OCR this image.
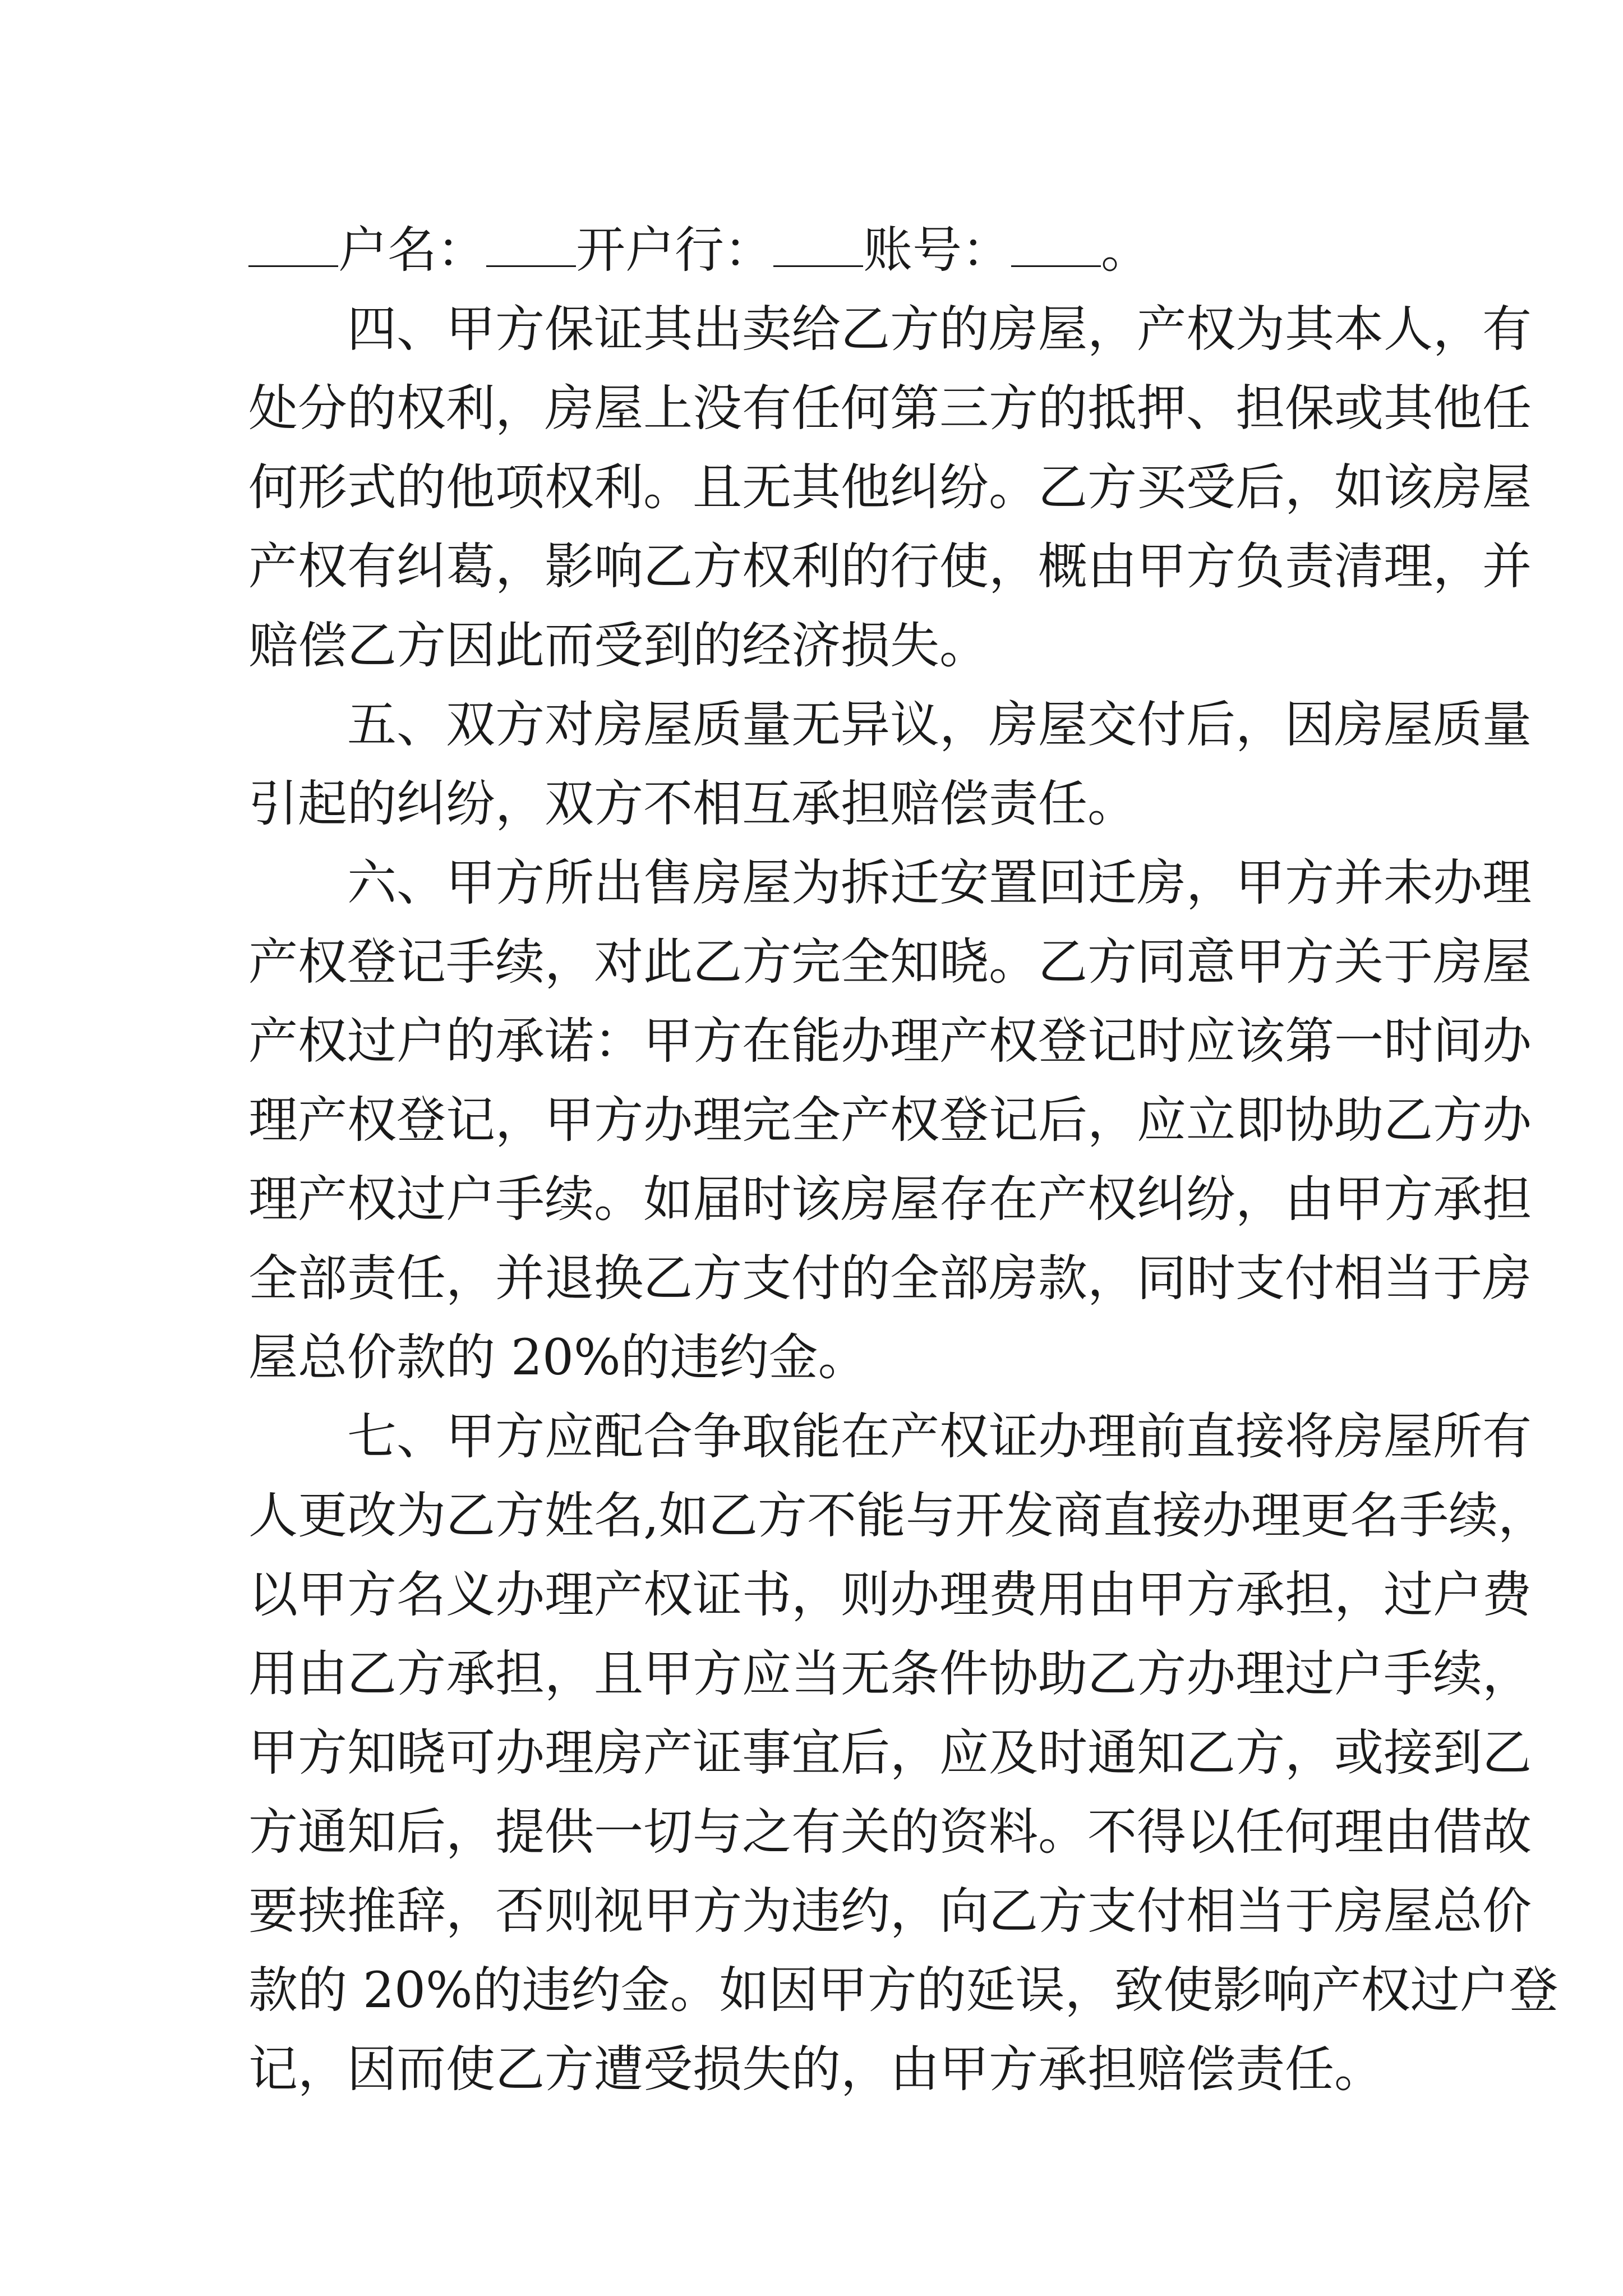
户名： 开户行： 账号： 。
　　四、甲方保证其出卖给乙方的房屋，产权为其本人，有
处分的权利，房屋上没有任何第三方的抵押、担保或其他任
何形式的他项权利。且无其他纠纷。乙方买受后，如该房屋
产权有纠葛，影响乙方权利的行使，概由甲方负责清理，并
赔偿乙方因此而受到的经济损失。
　　五、双方对房屋质量无异议，房屋交付后，因房屋质量
引起的纠纷，双方不相互承担赔偿责任。
　　六、甲方所出售房屋为拆迁安置回迁房，甲方并未办理
产权登记手续，对此乙方完全知晓。乙方同意甲方关于房屋
产权过户的承诺：甲方在能办理产权登记时应该第一时间办
理产权登记，甲方办理完全产权登记后，应立即协助乙方办
理产权过户手续。如届时该房屋存在产权纠纷，由甲方承担
全部责任，并退换乙方支付的全部房款，同时支付相当于房
屋总价款的 20%的违约金。
　　七、甲方应配合争取能在产权证办理前直接将房屋所有
人更改为乙方姓名,如乙方不能与开发商直接办理更名手续，
以甲方名义办理产权证书，则办理费用由甲方承担，过户费
用由乙方承担，且甲方应当无条件协助乙方办理过户手续，
甲方知晓可办理房产证事宜后，应及时通知乙方，或接到乙
方通知后，提供一切与之有关的资料。不得以任何理由借故
要挟推辞，否则视甲方为违约，向乙方支付相当于房屋总价
款的 20%的违约金。如因甲方的延误，致使影响产权过户登
记，因而使乙方遭受损失的，由甲方承担赔偿责任。
